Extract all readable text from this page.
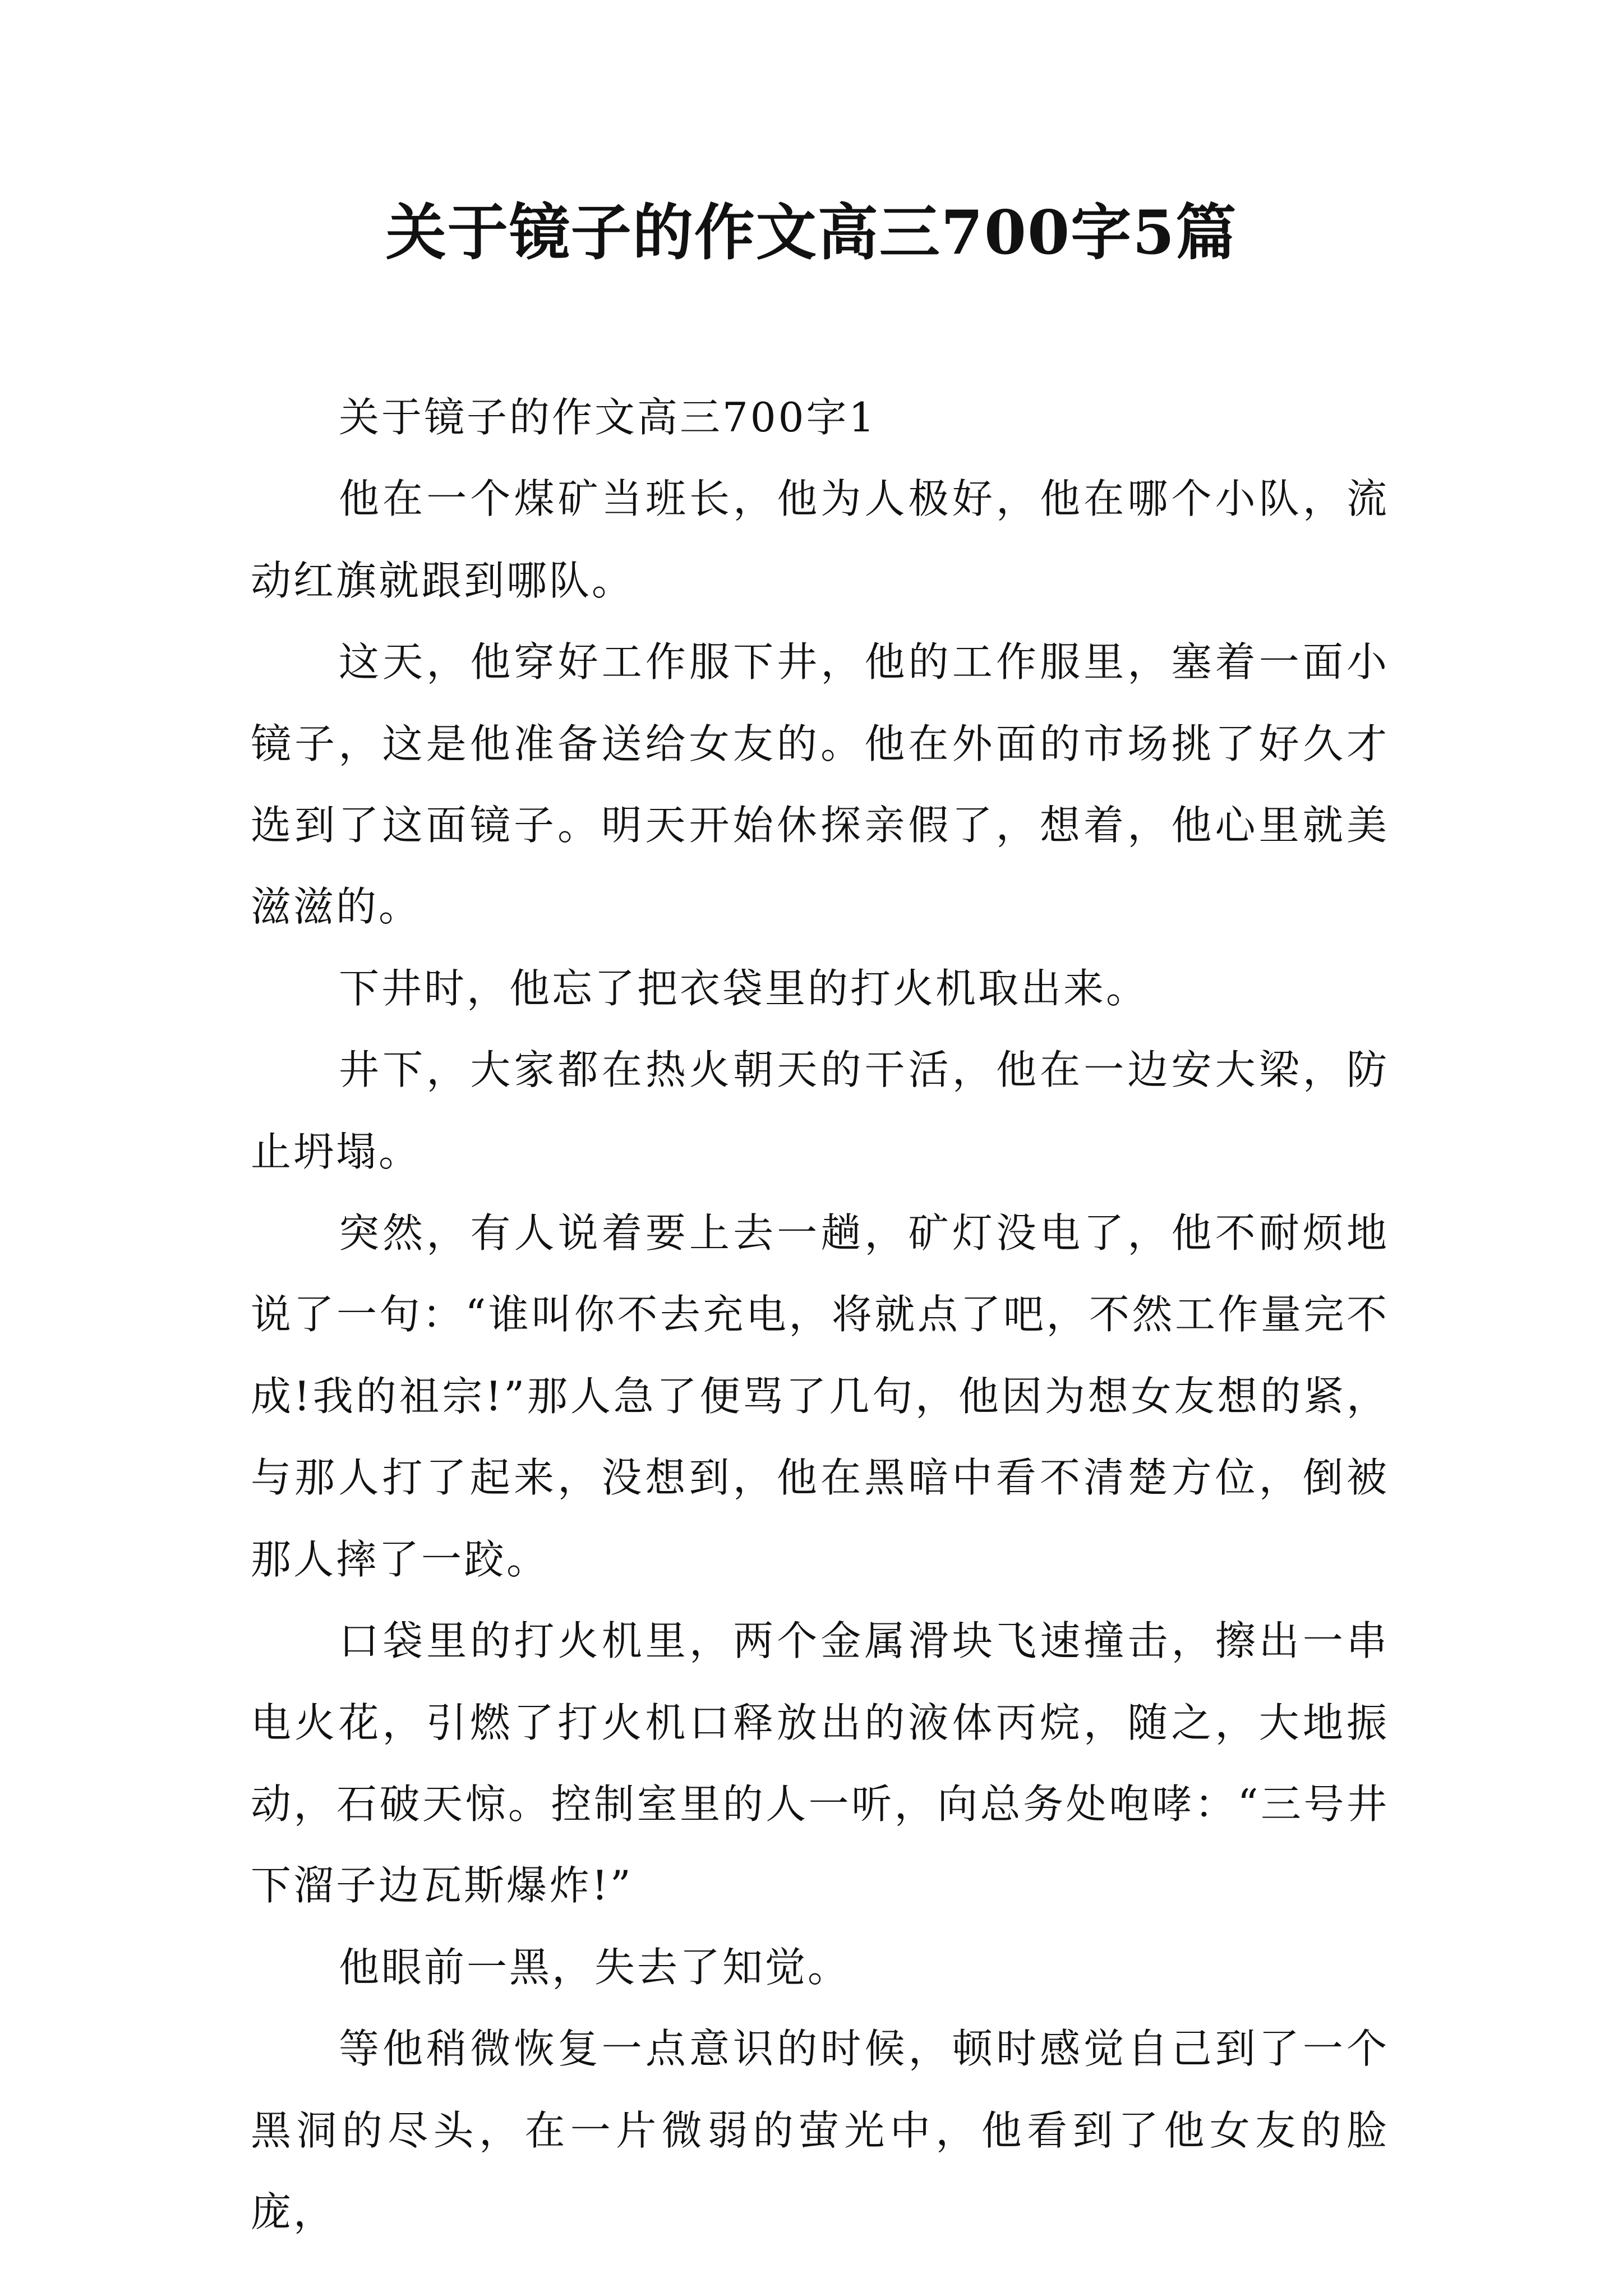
关于镜子的作文高三700字5篇

关于镜子的作文高三700字1

他在一个煤矿当班长，他为人极好，他在哪个小队，流动红旗就跟到哪队。

这天，他穿好工作服下井，他的工作服里，塞着一面小镜子，这是他准备送给女友的。他在外面的市场挑了好久才选到了这面镜子。明天开始休探亲假了，想着，他心里就美滋滋的。

下井时，他忘了把衣袋里的打火机取出来。

井下，大家都在热火朝天的干活，他在一边安大梁，防止坍塌。

突然，有人说着要上去一趟，矿灯没电了，他不耐烦地说了一句：“谁叫你不去充电，将就点了吧，不然工作量完不成!我的祖宗!”那人急了便骂了几句，他因为想女友想的紧，与那人打了起来，没想到，他在黑暗中看不清楚方位，倒被那人摔了一跤。

口袋里的打火机里，两个金属滑块飞速撞击，擦出一串电火花，引燃了打火机口释放出的液体丙烷，随之，大地振动，石破天惊。控制室里的人一听，向总务处咆哮：“三号井下溜子边瓦斯爆炸!”

他眼前一黑，失去了知觉。

等他稍微恢复一点意识的时候，顿时感觉自己到了一个黑洞的尽头，在一片微弱的萤光中，他看到了他女友的脸庞，
